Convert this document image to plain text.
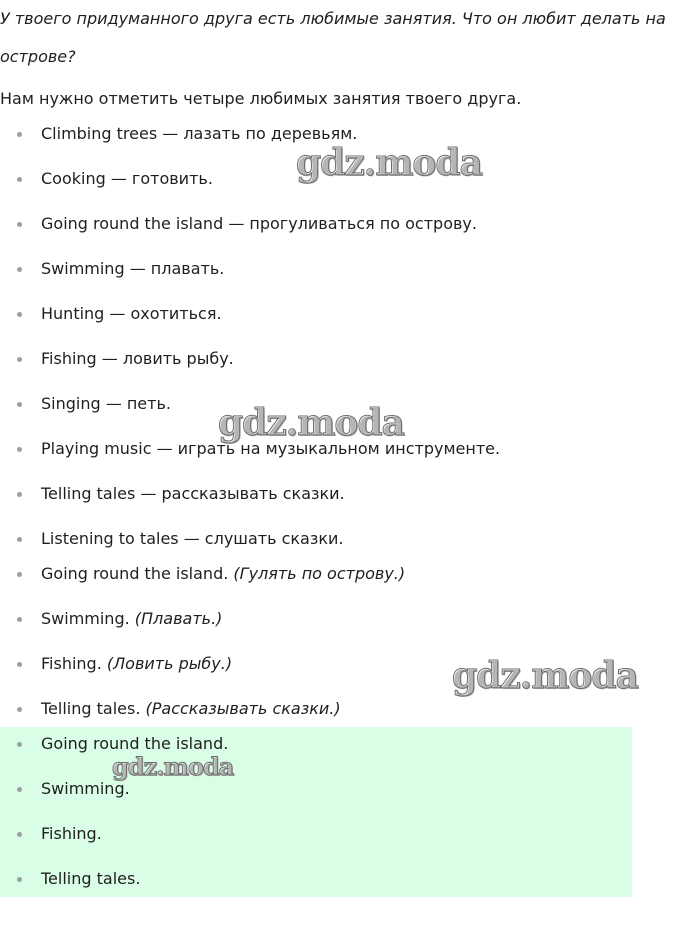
У твоего придуманного друга есть любимые занятия. Что он любит делать на острове?

Нам нужно отметить четыре любимых занятия твоего друга.

Climbing trees — лазать по деревьям.
Cooking — готовить.
Going round the island — прогуливаться по острову.
Swimming — плавать.
Hunting — охотиться.
Fishing — ловить рыбу.
Singing — петь.
Playing music — играть на музыкальном инструменте.
Telling tales — рассказывать сказки.
Listening to tales — слушать сказки.
Going round the island. (Гулять по острову.)
Swimming. (Плавать.)
Fishing. (Ловить рыбу.)
Telling tales. (Рассказывать сказки.)
Going round the island.
Swimming.
Fishing.
Telling tales.
gdz.moda
gdz.moda
gdz.moda
gdz.moda
